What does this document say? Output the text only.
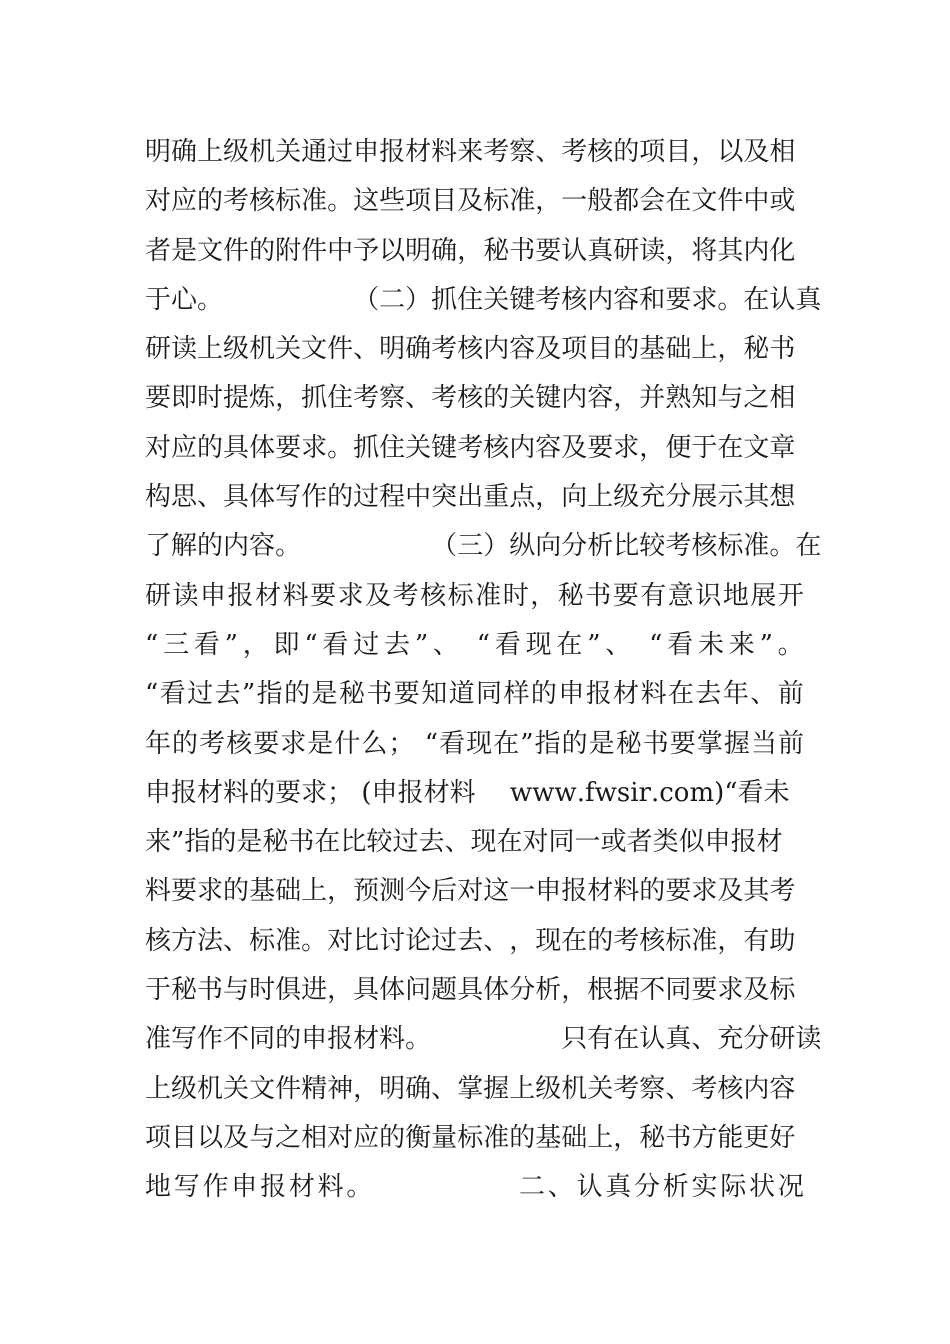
明 确 上 级 机 关 通 过 申 报 材 料 来 考 察 、 考 核 的 项 目 ， 以 及 相
对 应 的 考 核 标 准 。 这 些 项 目 及 标 准 ， 一 般 都 会 在 文 件 中 或
者 是 文 件 的 附 件 中 予 以 明 确 ， 秘 书 要 认 真 研 读 ， 将 其 内 化
于 心 。

　	（ 二 ） 抓 住 关 键 考 核 内 容 和 要 求 。 在 认 真
研 读 上 级 机 关 文 件 、 明 确 考 核 内 容 及 项 目 的 基 础 上 ， 秘 书
要 即 时 提 炼 ， 抓 住 考 察 、 考 核 的 关 键 内 容 ， 并 熟 知 与 之 相
对 应 的 具 体 要 求 。 抓 住 关 键 考 核 内 容 及 要 求 ， 便 于 在 文 章
构 思 、 具 体 写 作 的 过 程 中 突 出 重 点 ， 向 上 级 充 分 展 示 其 想
了 解 的 内 容 。

　	（ 三 ） 纵 向 分 析 比 较 考 核 标 准 。 在
研 读 申 报 材 料 要 求 及 考 核 标 准 时 ， 秘 书 要 有 意 识 地 展 开
“ 三 看 ” ， 即 “ 看 过 去 ” 、
“ 看 现 在 ” 、
“ 看 未 来 ” 。
“ 看 过 去 ” 指 的 是 秘 书 要 知 道 同 样 的 申 报 材 料 在 去 年 、 前
年 的 考 核 要 求 是 什 么 ；
“ 看 现 在 ” 指 的 是 秘 书 要 掌 握 当 前
申 报 材 料 的 要 求 ；
( 申 报 材 料

w w w . f w s i r . c o m ) “ 看 未
来 ” 指 的 是 秘 书 在 比 较 过 去 、 现 在 对 同 一 或 者 类 似 申 报 材
料 要 求 的 基 础 上 ， 预 测 今 后 对 这 一 申 报 材 料 的 要 求 及 其 考
核 方 法 、 标 准 。 对 比 讨 论 过 去 、 ， 现 在 的 考 核 标 准 ， 有 助
于 秘 书 与 时 俱 进 ， 具 体 问 题 具 体 分 析 ， 根 据 不 同 要 求 及 标
准 写 作 不 同 的 申 报 材 料 。

　	只 有 在 认 真 、 充 分 研 读
上 级 机 关 文 件 精 神 ， 明 确 、 掌 握 上 级 机 关 考 察 、 考 核 内 容
项 目 以 及 与 之 相 对 应 的 衡 量 标 准 的 基 础 上 ， 秘 书 方 能 更 好
地 写 作 申 报 材 料 。

　	二 、 认 真 分 析 实 际 状 况
